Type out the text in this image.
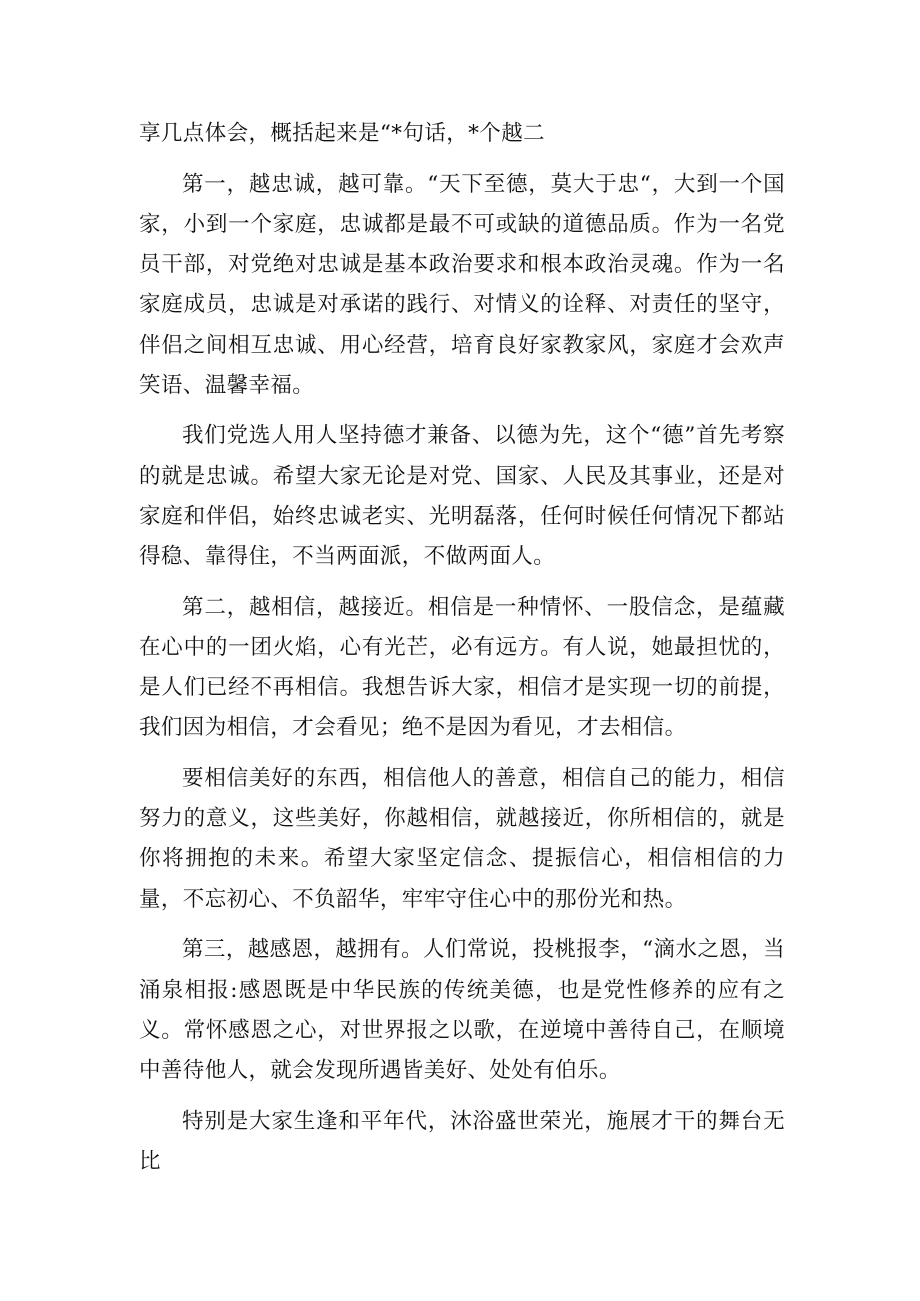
享几点体会，概括起来是“*句话，*个越二

第一，越忠诚，越可靠。“天下至德，莫大于忠“，大到一个国家，小到一个家庭，忠诚都是最不可或缺的道德品质。作为一名党员干部，对党绝对忠诚是基本政治要求和根本政治灵魂。作为一名家庭成员，忠诚是对承诺的践行、对情义的诠释、对责任的坚守，伴侣之间相互忠诚、用心经营，培育良好家教家风，家庭才会欢声笑语、温馨幸福。

我们党选人用人坚持德才兼备、以德为先，这个“德”首先考察的就是忠诚。希望大家无论是对党、国家、人民及其事业，还是对家庭和伴侣，始终忠诚老实、光明磊落，任何时候任何情况下都站得稳、靠得住，不当两面派，不做两面人。

第二，越相信，越接近。相信是一种情怀、一股信念，是蕴藏在心中的一团火焰，心有光芒，必有远方。有人说，她最担忧的，是人们已经不再相信。我想告诉大家，相信才是实现一切的前提，我们因为相信，才会看见；绝不是因为看见，才去相信。

要相信美好的东西，相信他人的善意，相信自己的能力，相信努力的意义，这些美好，你越相信，就越接近，你所相信的，就是你将拥抱的未来。希望大家坚定信念、提振信心，相信相信的力量，不忘初心、不负韶华，牢牢守住心中的那份光和热。

第三，越感恩，越拥有。人们常说，投桃报李，“滴水之恩，当涌泉相报:感恩既是中华民族的传统美德，也是党性修养的应有之义。常怀感恩之心，对世界报之以歌，在逆境中善待自己，在顺境中善待他人，就会发现所遇皆美好、处处有伯乐。

特别是大家生逢和平年代，沐浴盛世荣光，施展才干的舞台无比
